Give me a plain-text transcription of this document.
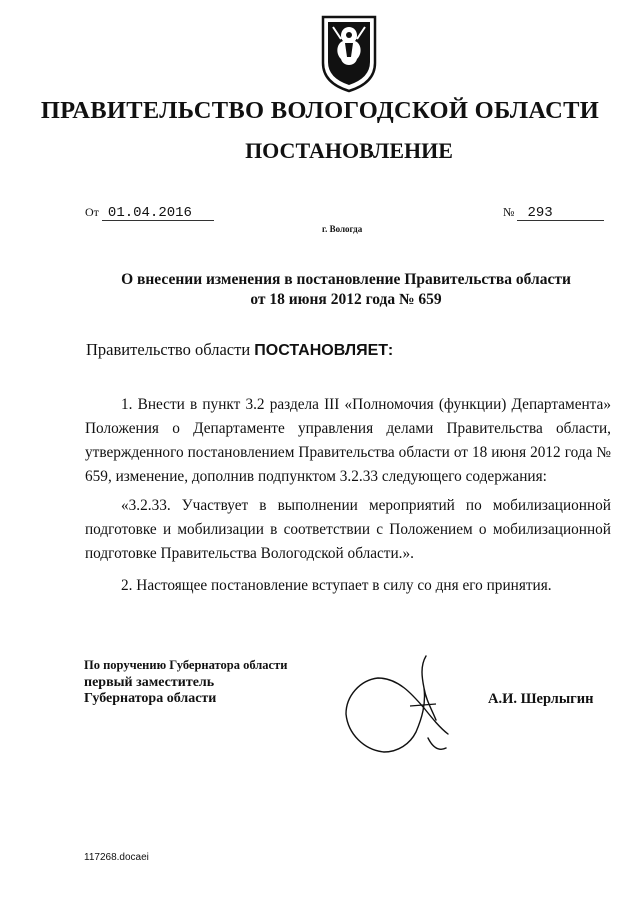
ПРАВИТЕЛЬСТВО ВОЛОГОДСКОЙ ОБЛАСТИ
ПОСТАНОВЛЕНИЕ
От 01.04.2016
г. Вологда
№ 293
О внесении изменения в постановление Правительства области
от 18 июня 2012 года № 659
Правительство области ПОСТАНОВЛЯЕТ:
1. Внести в пункт 3.2 раздела III «Полномочия (функции) Департамента» Положения о Департаменте управления делами Правительства области, утвержденного постановлением Правительства области от 18 июня 2012 года № 659, изменение, дополнив подпунктом 3.2.33 следующего содержания:
«3.2.33. Участвует в выполнении мероприятий по мобилизационной подготовке и мобилизации в соответствии с Положением о мобилизационной подготовке Правительства Вологодской области.».
2. Настоящее постановление вступает в силу со дня его принятия.
По поручению Губернатора области
первый заместитель
Губернатора области	А.И. Шерлыгин
117268.docaei
